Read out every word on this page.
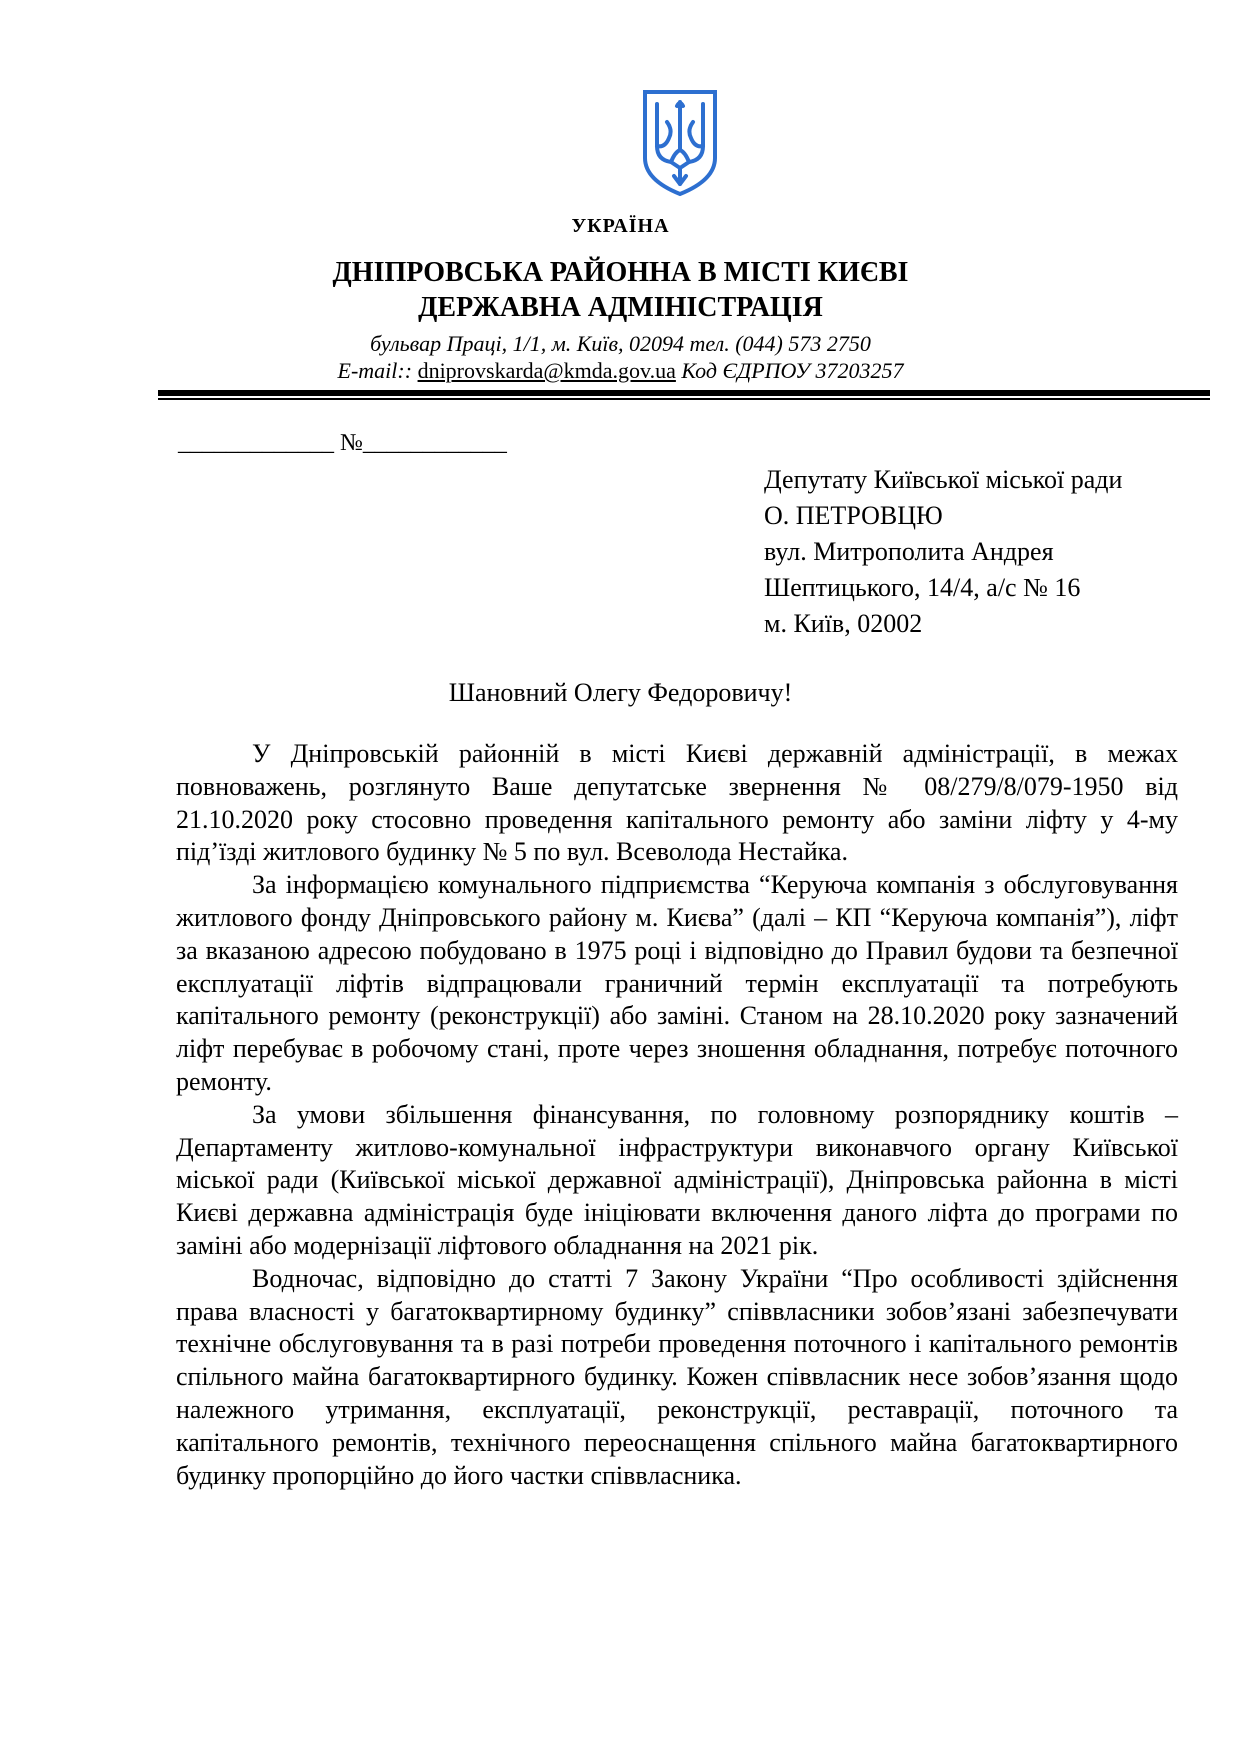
УКРАЇНА
ДНІПРОВСЬКА РАЙОННА В МІСТІ КИЄВІ
ДЕРЖАВНА АДМІНІСТРАЦІЯ
бульвар Праці, 1/1, м. Київ, 02094 тел. (044) 573 2750
E-mail:: dniprovskarda@kmda.gov.ua Код ЄДРПОУ 37203257
_____________ №____________
Депутату Київської міської ради
О. ПЕТРОВЦЮ
вул. Митрополита Андрея
Шептицького, 14/4, а/с № 16
м. Київ, 02002
Шановний Олегу Федоровичу!

У Дніпровській районній в місті Києві державній адміністрації, в межах повноважень, розглянуто Ваше депутатське звернення № 08/279/8/079-1950 від 21.10.2020 року стосовно проведення капітального ремонту або заміни ліфту у 4-му під’їзді житлового будинку № 5 по вул. Всеволода Нестайка.

За інформацією комунального підприємства “Керуюча компанія з обслуговування житлового фонду Дніпровського району м. Києва” (далі – КП “Керуюча компанія”), ліфт за вказаною адресою побудовано в 1975 році і відповідно до Правил будови та безпечної експлуатації ліфтів відпрацювали граничний термін експлуатації та потребують капітального ремонту (реконструкції) або заміні. Станом на 28.10.2020 року зазначений ліфт перебуває в робочому стані, проте через зношення обладнання, потребує поточного ремонту.

За умови збільшення фінансування, по головному розпоряднику коштів – Департаменту житлово-комунальної інфраструктури виконавчого органу Київської міської ради (Київської міської державної адміністрації), Дніпровська районна в місті Києві державна адміністрація буде ініціювати включення даного ліфта до програми по заміні або модернізації ліфтового обладнання на 2021 рік.

Водночас, відповідно до статті 7 Закону України “Про особливості здійснення права власності у багатоквартирному будинку” співвласники зобов’язані забезпечувати технічне обслуговування та в разі потреби проведення поточного і капітального ремонтів спільного майна багатоквартирного будинку. Кожен співвласник несе зобов’язання щодо належного утримання, експлуатації, реконструкції, реставрації, поточного та капітального ремонтів, технічного переоснащення спільного майна багатоквартирного будинку пропорційно до його частки співвласника.
